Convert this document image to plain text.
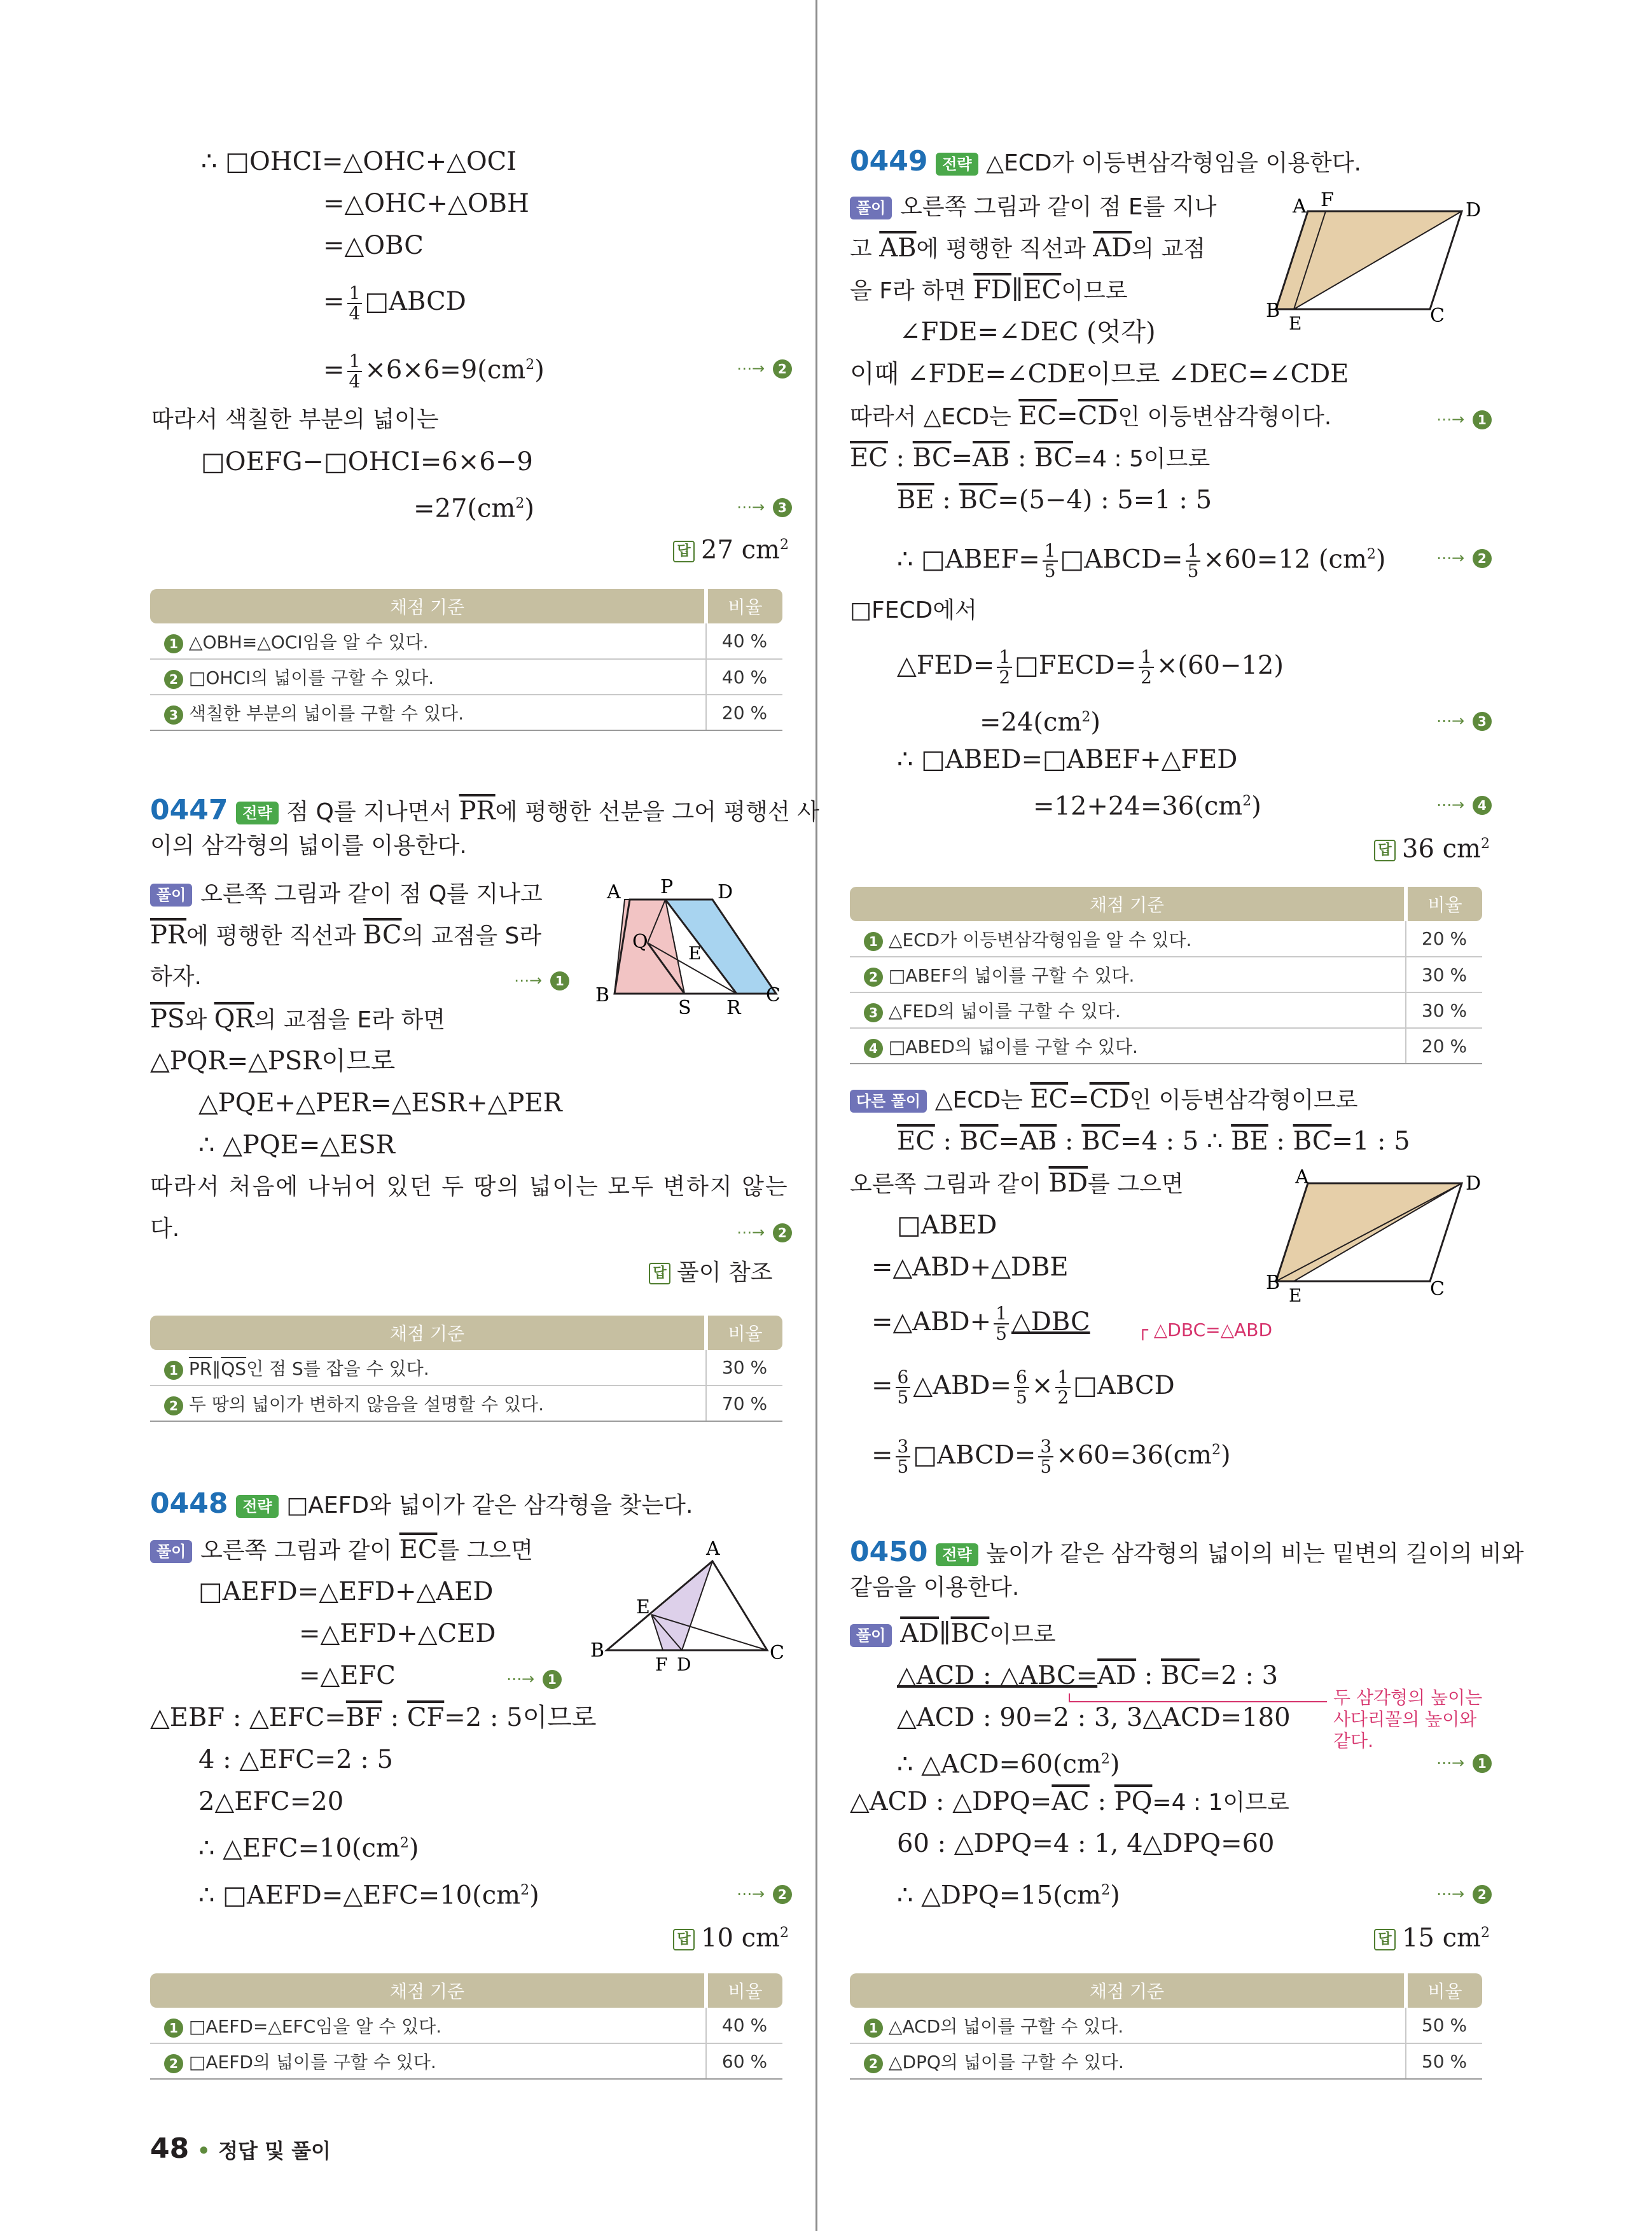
∴ □OHCI=△OHC+△OCI
=△OHC+△OBH
=△OBC
= $\frac{1}{4}$ □ABCD
= $\frac{1}{4} \times 6\times 6=9(cm^2)$	⋯→ 2
따라서 색칠한 부분의 넓이는
□OEFG−□OHCI=6×6−9
$=27(cm^2)$	⋯→ 3
답 27 $cm^2$
채점 기준	비율
1 △OBH≡△OCI임을 알 수 있다.	40 %
2 □OHCI의 넓이를 구할 수 있다.	40 %
3 색칠한 부분의 넓이를 구할 수 있다.	20 %
0447 전략 점 Q를 지나면서 $\overline{PR}$에 평행한 선분을 그어 평행선 사
이의 삼각형의 넓이를 이용한다.
풀이 오른쪽 그림과 같이 점 Q를 지나고
$\overline{PR}$에 평행한 직선과 $\overline{BC}$의 교점을 S라
하자.	⋯→ 1
$\overline{PS}$와 $\overline{QR}$의 교점을 E라 하면
△PQR=△PSR이므로
△PQE+△PER=△ESR+△PER
∴ △PQE=△ESR
따라서 처음에 나뉘어 있던 두 땅의 넓이는 모두 변하지 않는
다.	⋯→ 2
답 풀이 참조
A P D
Q
E
B
S R
C
채점 기준	비율
1 $\overline{PR}\parallel\overline{QS}$인 점 S를 잡을 수 있다.	30 %
2 두 땅의 넓이가 변하지 않음을 설명할 수 있다.	70 %
0448 전략 □AEFD와 넓이가 같은 삼각형을 찾는다.
풀이 오른쪽 그림과 같이 $\overline{EC}$를 그으면
□AEFD=△EFD+△AED
=△EFD+△CED
=△EFC	⋯→ 1
△EBF : $\triangle EFC=\overline{BF}$ : $\overline{CF}=2$ : 5이므로
4 : △EFC=2 : 5
2△EFC=20
∴ $\triangle EFC=10(cm^2)$
∴ $□AEFD=\triangle EFC=10(cm^2)$	⋯→ 2
답 10 $cm^2$
A
E
B
F D
C
채점 기준	비율
1 □AEFD=△EFC임을 알 수 있다.	40 %
2 □AEFD의 넓이를 구할 수 있다.	60 %
48 • 정답 및 풀이
0449 전략 △ECD가 이등변삼각형임을 이용한다.
풀이 오른쪽 그림과 같이 점 E를 지나
고 $\overline{AB}$에 평행한 직선과 $\overline{AD}$의 교점
을 F라 하면 $\overline{FD}\parallel\overline{EC}$이므로
∠FDE=∠DEC (엇각)
이때 ∠FDE=∠CDE이므로 ∠DEC=∠CDE
따라서 △ECD는 $\overline{EC}=\overline{CD}$인 이등변삼각형이다.	⋯→ 1
$\overline{EC}$ : $\overline{BC}=\overline{AB}$ : $\overline{BC}=4$ : 5이므로
$\overline{BE}$ : $\overline{BC}=(5-4)$ : 5=1 : 5
∴ □ABEF= $\frac{1}{5}$ □ABCD= $\frac{1}{5} \times 60=12$ $(cm^2)$	⋯→ 2
□FECD에서
△FED= $\frac{1}{2}$ □FECD= $\frac{1}{2} \times(60-12)$
$=24(cm^2)$	⋯→ 3
∴ □ABED=□ABEF+△FED
$=12+24=36(cm^2)$	⋯→ 4
답 36 $cm^2$
A F	D
B
E	C
채점 기준	비율
1 △ECD가 이등변삼각형임을 알 수 있다.	20 %
2 □ABEF의 넓이를 구할 수 있다.	30 %
3 △FED의 넓이를 구할 수 있다.	30 %
4 □ABED의 넓이를 구할 수 있다.	20 %
다른 풀이 △ECD는 $\overline{EC}=\overline{CD}$인 이등변삼각형이므로
$\overline{EC}$ : $\overline{BC}=\overline{AB}$ : $\overline{BC}=4$ : 5 ∴ $\overline{BE}$ : $\overline{BC}=1$ : 5
오른쪽 그림과 같이 $\overline{BD}$를 그으면
□ABED
=△ABD+△DBE
=△ABD+ $\frac{1}{5}$ △DBC	┌ △DBC=△ABD
= $\frac{6}{5}$ △ABD= $\frac{6}{5} \times \frac{1}{2}$ □ABCD
= $\frac{3}{5}$ □ABCD= $\frac{3}{5} \times 60=36(cm^2)$
A	D
B
E	C
0450 전략 높이가 같은 삼각형의 넓이의 비는 밑변의 길이의 비와
같음을 이용한다.
풀이 $\overline{AD}\parallel\overline{BC}$이므로
△ACD : $\triangle ABC=\overline{AD}$ : $\overline{BC}=2$ : 3
두 삼각형의 높이는
사다리꼴의 높이와
같다.
△ACD : 90=2 : 3, 3△ACD=180
∴ $\triangle ACD=60(cm^2)$	⋯→ 1
△ACD : $\triangle DPQ=\overline{AC}$ : $\overline{PQ}=4$ : 1이므로
60 : △DPQ=4 : 1, 4△DPQ=60
∴ $\triangle DPQ=15(cm^2)$	⋯→ 2
답 15 $cm^2$
채점 기준	비율
1 △ACD의 넓이를 구할 수 있다.	50 %
2 △DPQ의 넓이를 구할 수 있다.	50 %
